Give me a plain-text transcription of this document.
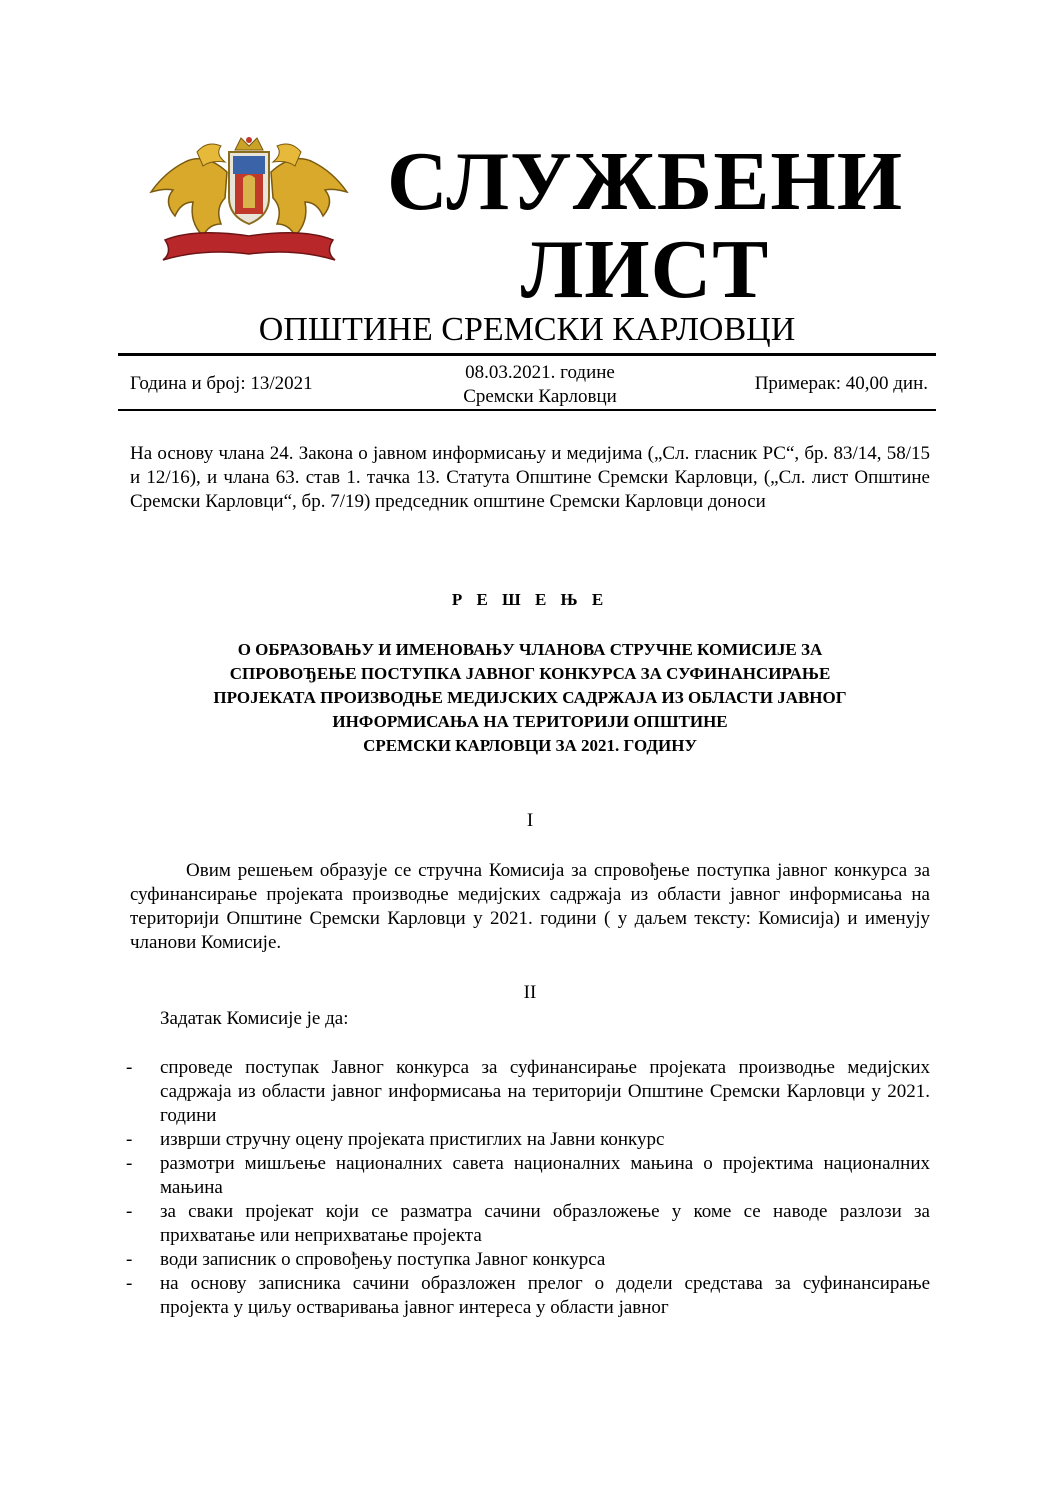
СЛУЖБЕНИ
ЛИСТ
ОПШТИНЕ СРЕМСКИ КАРЛОВЦИ
Година и број: 13/2021
08.03.2021. године
Сремски Карловци
Примерак: 40,00 дин.
На основу члана 24. Закона о јавном информисању и медијима („Сл. гласник РС“, бр. 83/14, 58/15 и 12/16), и члана 63. став 1. тачка 13. Статута Општине Сремски Карловци, („Сл. лист Општине Сремски Карловци“, бр. 7/19) председник општине Сремски Карловци доноси
Р Е Ш Е Њ Е
О ОБРАЗОВАЊУ И ИМЕНОВАЊУ ЧЛАНОВА СТРУЧНЕ КОМИСИЈЕ ЗА
СПРОВОЂЕЊЕ ПОСТУПКА ЈАВНОГ КОНКУРСА ЗА СУФИНАНСИРАЊЕ
ПРОЈЕКАТА ПРОИЗВОДЊЕ МЕДИЈСКИХ САДРЖАЈА ИЗ ОБЛАСТИ ЈАВНОГ
ИНФОРМИСАЊА НА ТЕРИТОРИЈИ ОПШТИНЕ
СРЕМСКИ КАРЛОВЦИ ЗА 2021. ГОДИНУ
I
Овим решењем образује се стручна Комисија за спровођење поступка јавног конкурса за суфинансирање пројеката производње медијских садржаја из области јавног информисања на територији Општине Сремски Карловци у 2021. години ( у даљем тексту: Комисија) и именују чланови Комисије.
II
Задатак Комисије је да:
- спроведе поступак Јавног конкурса за суфинансирање пројеката производње медијских садржаја из области јавног информисања на територији Општине Сремски Карловци у 2021. години
- изврши стручну оцену пројеката пристиглих на Јавни конкурс
- размотри мишљење националних савета националних мањина о пројектима националних мањина
- за сваки пројекат који се разматра сачини образложење у коме се наводе разлози за прихватање или неприхватање пројекта
- води записник о спровођењу поступка Јавног конкурса
- на основу записника сачини образложен прелог о додели средстава за суфинансирање пројекта у циљу остваривања јавног интереса у области јавног
